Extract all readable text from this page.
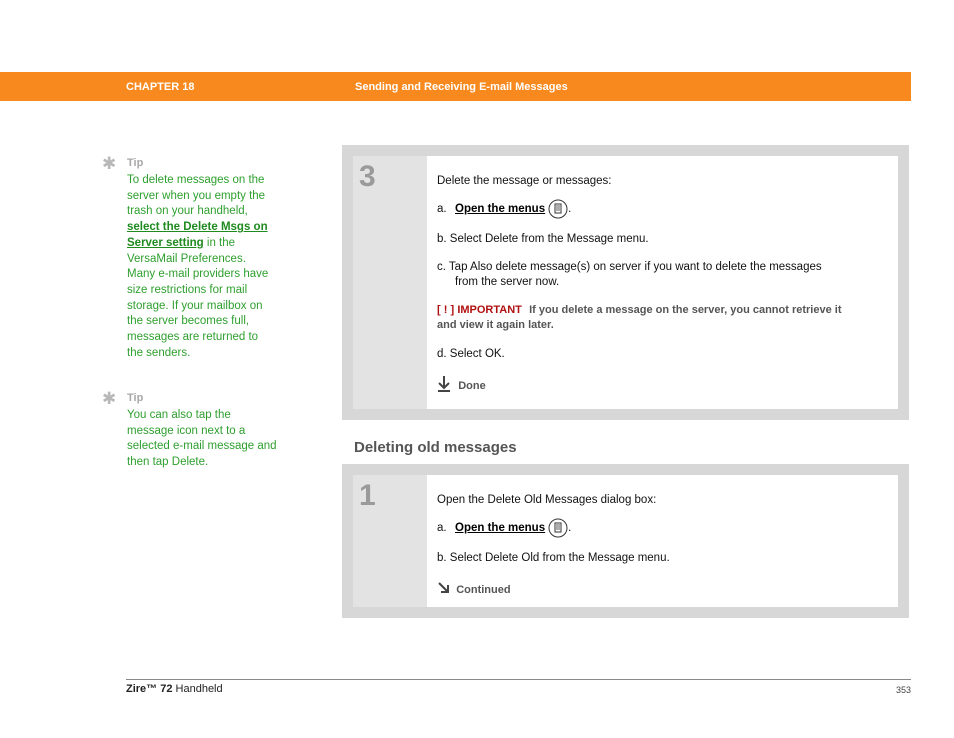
CHAPTER 18	Sending and Receiving E-mail Messages
✱ Tip
To delete messages on the server when you empty the trash on your handheld, select the Delete Msgs on Server setting in the VersaMail Preferences. Many e-mail providers have size restrictions for mail storage. If your mailbox on the server becomes full, messages are returned to the senders.
✱ Tip
You can also tap the message icon next to a selected e-mail message and then tap Delete.
3	Delete the message or messages:
a. Open the menus .
b. Select Delete from the Message menu.
c. Tap Also delete message(s) on server if you want to delete the messages
from the server now.
[ ! ] IMPORTANT If you delete a message on the server, you cannot retrieve it
and view it again later.
d. Select OK.
Done
Deleting old messages
1	Open the Delete Old Messages dialog box:
a. Open the menus .
b. Select Delete Old from the Message menu.
Continued
Zire™ 72 Handheld	353
